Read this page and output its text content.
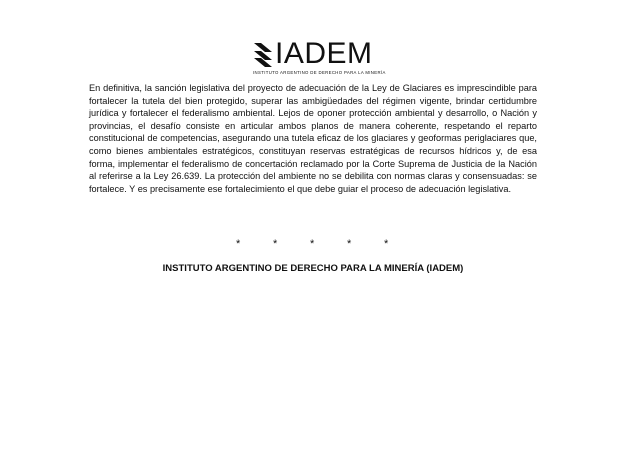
IADEM
INSTITUTO ARGENTINO DE DERECHO PARA LA MINERÍA

En definitiva, la sanción legislativa del proyecto de adecuación de la Ley de Glaciares es imprescindible para fortalecer la tutela del bien protegido, superar las ambigüedades del régimen vigente, brindar certidumbre jurídica y fortalecer el federalismo ambiental. Lejos de oponer protección ambiental y desarrollo, o Nación y provincias, el desafío consiste en articular ambos planos de manera coherente, respetando el reparto constitucional de competencias, asegurando una tutela eficaz de los glaciares y geoformas periglaciares que, como bienes ambientales estratégicos, constituyan reservas estratégicas de recursos hídricos y, de esa forma, implementar el federalismo de concertación reclamado por la Corte Suprema de Justicia de la Nación al referirse a la Ley 26.639. La protección del ambiente no se debilita con normas claras y consensuadas: se fortalece. Y es precisamente ese fortalecimiento el que debe guiar el proceso de adecuación legislativa.

*	*	*	*	*
INSTITUTO ARGENTINO DE DERECHO PARA LA MINERÍA (IADEM)
